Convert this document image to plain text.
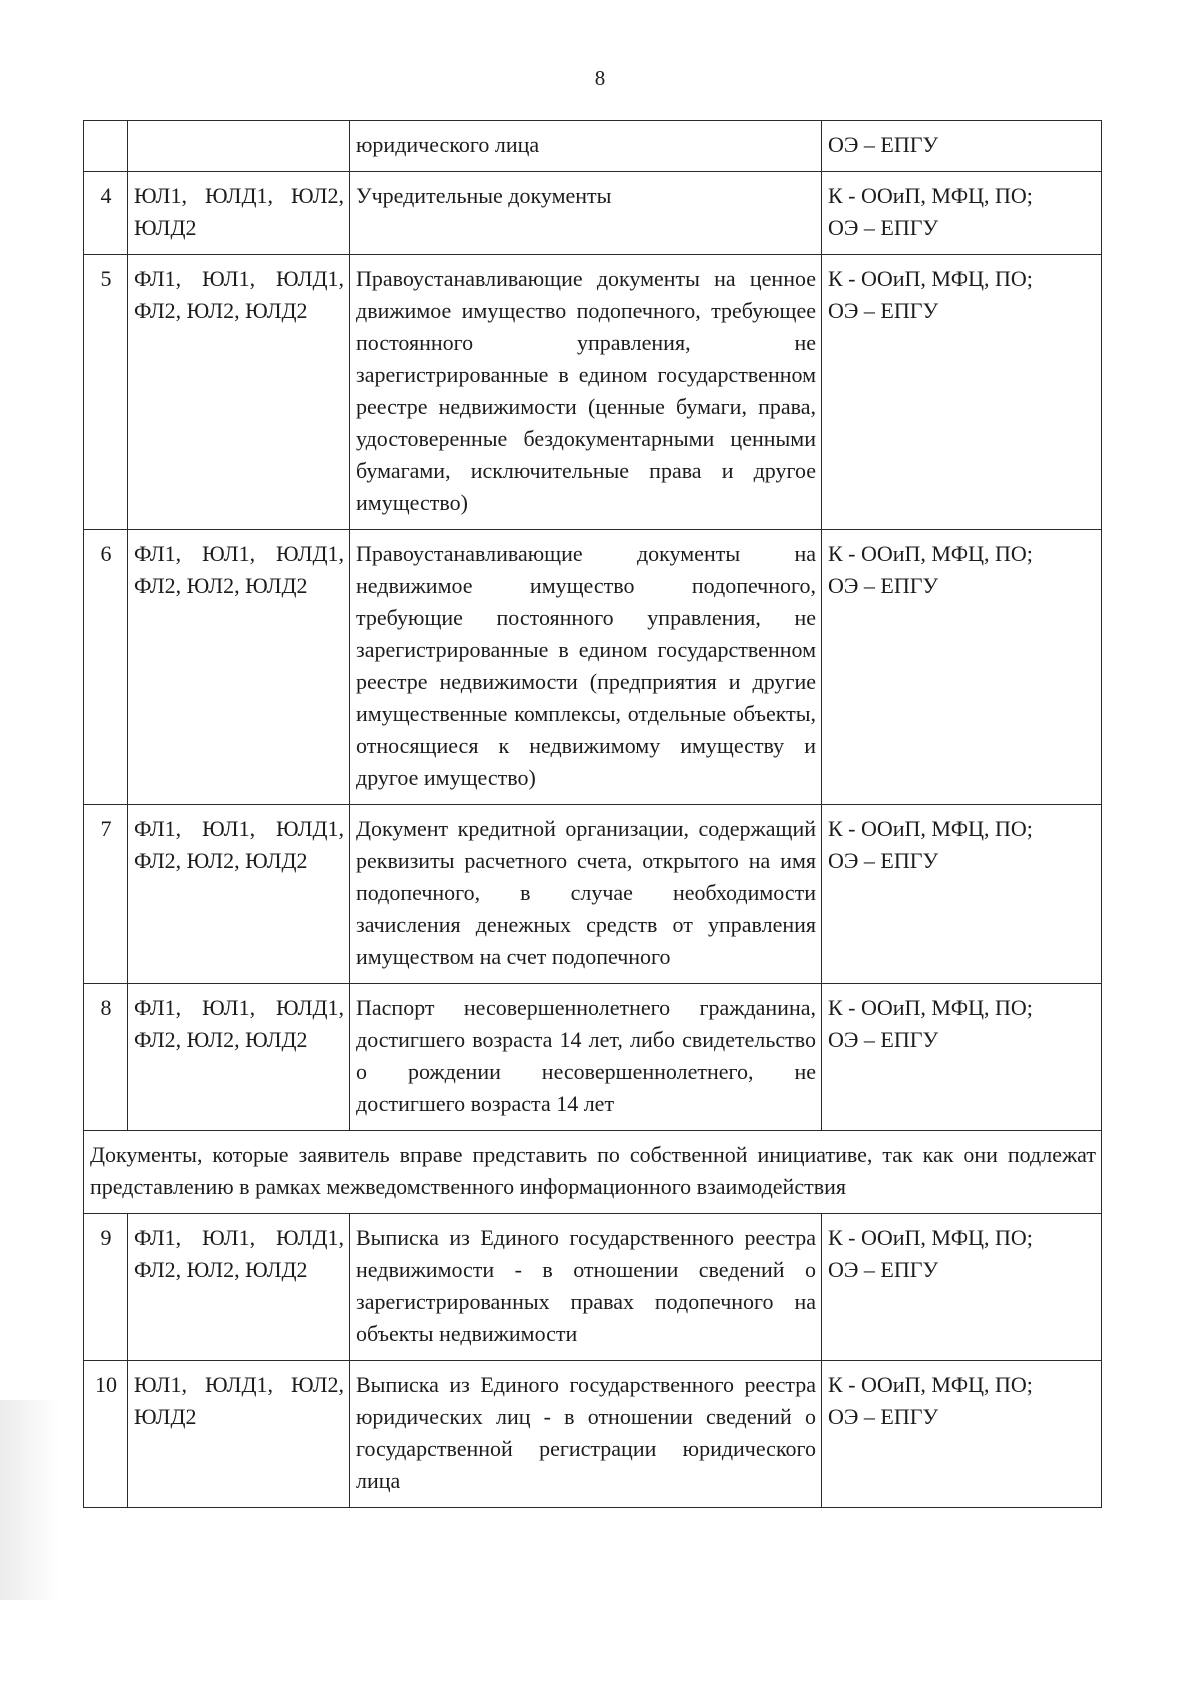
8
		юридического лица	ОЭ – ЕПГУ
4	ЮЛ1, ЮЛД1, ЮЛ2, ЮЛД2	Учредительные документы	К - ООиП, МФЦ, ПО;
ОЭ – ЕПГУ
5	ФЛ1, ЮЛ1, ЮЛД1, ФЛ2, ЮЛ2, ЮЛД2	Правоустанавливающие документы на ценное движимое имущество подопечного, требующее постоянного управления, не зарегистрированные в едином государственном реестре недвижимости (ценные бумаги, права, удостоверенные бездокументарными ценными бумагами, исключительные права и другое имущество)	К - ООиП, МФЦ, ПО;
ОЭ – ЕПГУ
6	ФЛ1, ЮЛ1, ЮЛД1, ФЛ2, ЮЛ2, ЮЛД2	Правоустанавливающие документы на недвижимое имущество подопечного, требующие постоянного управления, не зарегистрированные в едином государственном реестре недвижимости (предприятия и другие имущественные комплексы, отдельные объекты, относящиеся к недвижимому имуществу и другое имущество)	К - ООиП, МФЦ, ПО;
ОЭ – ЕПГУ
7	ФЛ1, ЮЛ1, ЮЛД1, ФЛ2, ЮЛ2, ЮЛД2	Документ кредитной организации, содержащий реквизиты расчетного счета, открытого на имя подопечного, в случае необходимости зачисления денежных средств от управления имуществом на счет подопечного	К - ООиП, МФЦ, ПО;
ОЭ – ЕПГУ
8	ФЛ1, ЮЛ1, ЮЛД1, ФЛ2, ЮЛ2, ЮЛД2	Паспорт несовершеннолетнего гражданина, достигшего возраста 14 лет, либо свидетельство о рождении несовершеннолетнего, не достигшего возраста 14 лет	К - ООиП, МФЦ, ПО;
ОЭ – ЕПГУ
Документы, которые заявитель вправе представить по собственной инициативе, так как они подлежат представлению в рамках межведомственного информационного взаимодействия			
9	ФЛ1, ЮЛ1, ЮЛД1, ФЛ2, ЮЛ2, ЮЛД2	Выписка из Единого государственного реестра недвижимости - в отношении сведений о зарегистрированных правах подопечного на объекты недвижимости	К - ООиП, МФЦ, ПО;
ОЭ – ЕПГУ
10	ЮЛ1, ЮЛД1, ЮЛ2, ЮЛД2	Выписка из Единого государственного реестра юридических лиц - в отношении сведений о государственной регистрации юридического лица	К - ООиП, МФЦ, ПО;
ОЭ – ЕПГУ
